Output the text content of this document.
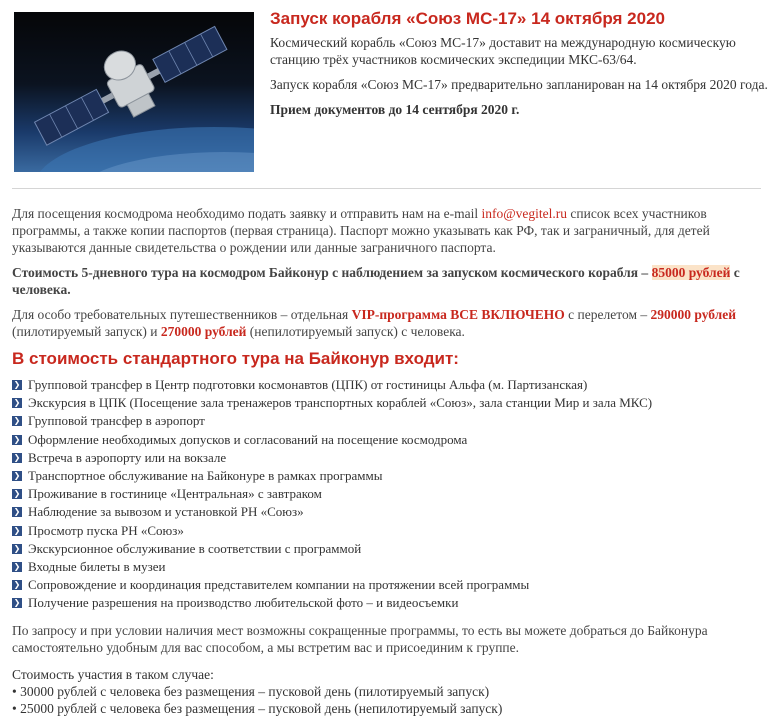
Запуск корабля «Союз МС-17» 14 октября 2020

Космический корабль «Союз МС-17» доставит на международную космическую станцию трёх участников космических экспедиции МКС-63/64.

Запуск корабля «Союз МС-17» предварительно запланирован на 14 октября 2020 года.

Прием документов до 14 сентября 2020 г.

Для посещения космодрома необходимо подать заявку и отправить нам на e-mail info@vegitel.ru список всех участников программы, а также копии паспортов (первая страница). Паспорт можно указывать как РФ, так и заграничный, для детей указываются данные свидетельства о рождении или данные заграничного паспорта.

Стоимость 5-дневного тура на космодром Байконур с наблюдением за запуском космического корабля – 85000 рублей с человека.

Для особо требовательных путешественников – отдельная VIP-программа ВСЕ ВКЛЮЧЕНО с перелетом – 290000 рублей (пилотируемый запуск) и 270000 рублей (непилотируемый запуск) с человека.

В стоимость стандартного тура на Байконур входит:
❯ Групповой трансфер в Центр подготовки космонавтов (ЦПК) от гостиницы Альфа (м. Партизанская)
❯ Экскурсия в ЦПК (Посещение зала тренажеров транспортных кораблей «Союз», зала станции Мир и зала МКС)
❯ Групповой трансфер в аэропорт
❯ Оформление необходимых допусков и согласований на посещение космодрома
❯ Встреча в аэропорту или на вокзале
❯ Транспортное обслуживание на Байконуре в рамках программы
❯ Проживание в гостинице «Центральная» с завтраком
❯ Наблюдение за вывозом и установкой РН «Союз»
❯ Просмотр пуска РН «Союз»
❯ Экскурсионное обслуживание в соответствии с программой
❯ Входные билеты в музеи
❯ Сопровождение и координация представителем компании на протяжении всей программы
❯ Получение разрешения на производство любительской фото – и видеосъемки

По запросу и при условии наличия мест возможны сокращенные программы, то есть вы можете добраться до Байконура самостоятельно удобным для вас способом, а мы встретим вас и присоединим к группе.

Стоимость участия в таком случае:
• 30000 рублей с человека без размещения – пусковой день (пилотируемый запуск)
• 25000 рублей с человека без размещения – пусковой день (непилотируемый запуск)
